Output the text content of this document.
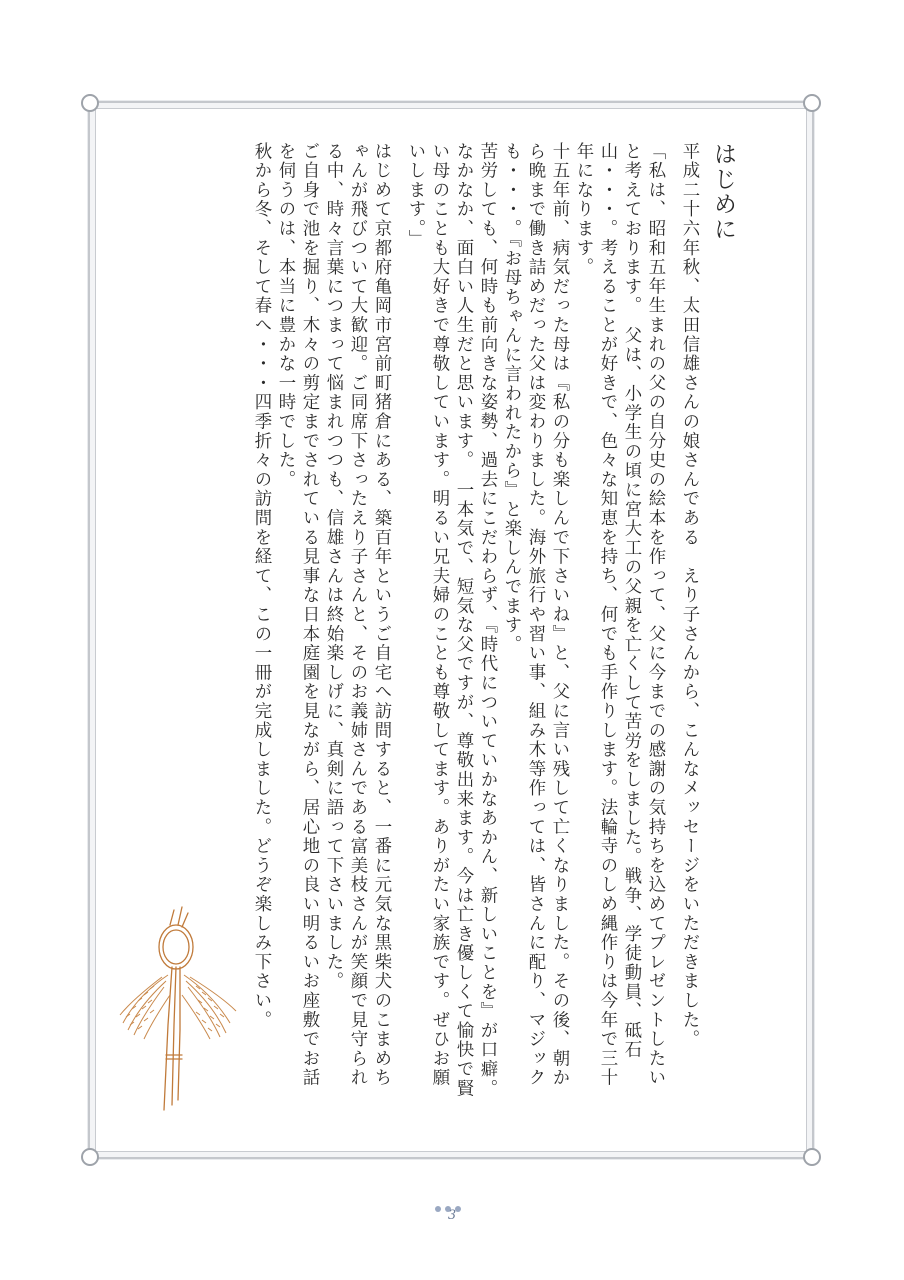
はじめに

平成二十六年秋、太田信雄さんの娘さんである　えり子さんから、こんなメッセージをいただきました。

「私は、昭和五年生まれの父の自分史の絵本を作って、父に今までの感謝の気持ちを込めてプレゼントしたいと考えております。　父は、小学生の頃に宮大工の父親を亡くして苦労をしました。戦争、学徒動員、砥石山・・・。考えることが好きで、色々な知恵を持ち、何でも手作りします。法輪寺のしめ縄作りは今年で三十年になります。

十五年前、病気だった母は『私の分も楽しんで下さいね』と、父に言い残して亡くなりました。その後、朝から晩まで働き詰めだった父は変わりました。海外旅行や習い事、組み木等作っては、皆さんに配り、マジックも・・・。『お母ちゃんに言われたから』と楽しんでます。

苦労しても、何時も前向きな姿勢、過去にこだわらず、『時代についていかなあかん、新しいことを』が口癖。なかなか、面白い人生だと思います。　一本気で、短気な父ですが、尊敬出来ます。今は亡き優しくて愉快で賢い母のことも大好きで尊敬しています。明るい兄夫婦のことも尊敬してます。ありがたい家族です。ぜひお願いします。」

はじめて京都府亀岡市宮前町猪倉にある、築百年というご自宅へ訪問すると、一番に元気な黒柴犬のこまめちゃんが飛びついて大歓迎。ご同席下さったえり子さんと、そのお義姉さんである富美枝さんが笑顔で見守られる中、時々言葉につまって悩まれつつも、信雄さんは終始楽しげに、真剣に語って下さいました。

ご自身で池を掘り、木々の剪定までされている見事な日本庭園を見ながら、居心地の良い明るいお座敷でお話を伺うのは、本当に豊かな一時でした。

秋から冬、そして春へ・・・四季折々の訪問を経て、この一冊が完成しました。どうぞ楽しみ下さい。

3
